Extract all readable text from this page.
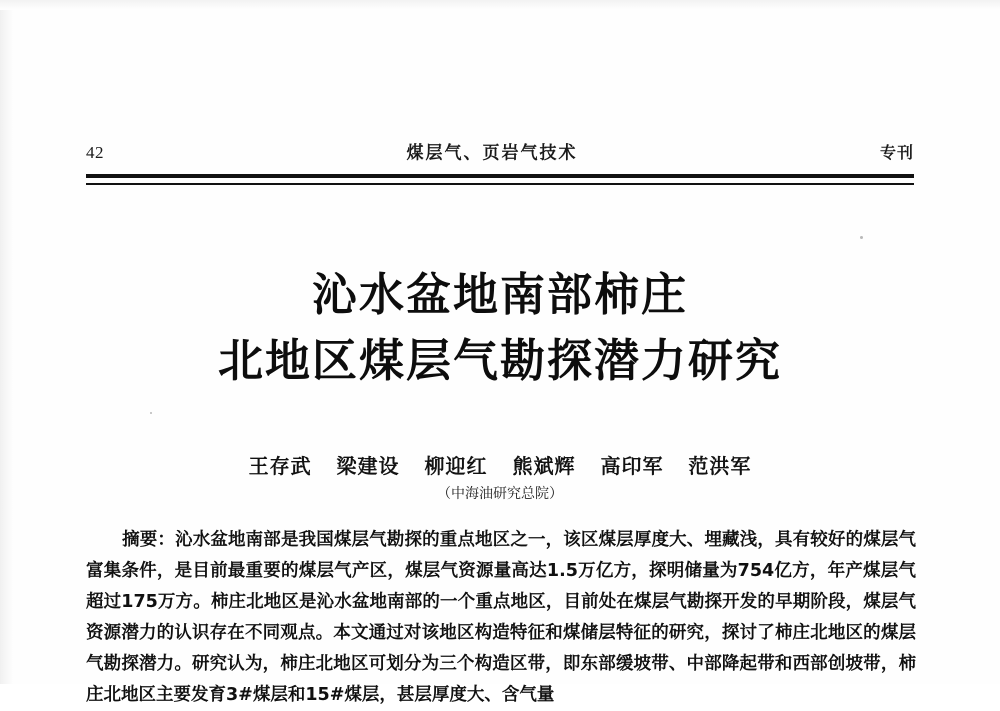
42	煤层气、页岩气技术	专刊
沁水盆地南部柿庄
北地区煤层气勘探潜力研究
王存武 梁建设 柳迎红 熊斌辉 高印军 范洪军
（中海油研究总院）
摘要：沁水盆地南部是我国煤层气勘探的重点地区之一，该区煤层厚度大、埋藏浅，具有较好的煤层气富集条件，是目前最重要的煤层气产区，煤层气资源量高达1.5万亿方，探明储量为754亿方，年产煤层气超过175万方。柿庄北地区是沁水盆地南部的一个重点地区，目前处在煤层气勘探开发的早期阶段，煤层气资源潜力的认识存在不同观点。本文通过对该地区构造特征和煤储层特征的研究，探讨了柿庄北地区的煤层气勘探潜力。研究认为，柿庄北地区可划分为三个构造区带，即东部缓坡带、中部降起带和西部创坡带，柿庄北地区主要发育3#煤层和15#煤层，甚层厚度大、含气量
